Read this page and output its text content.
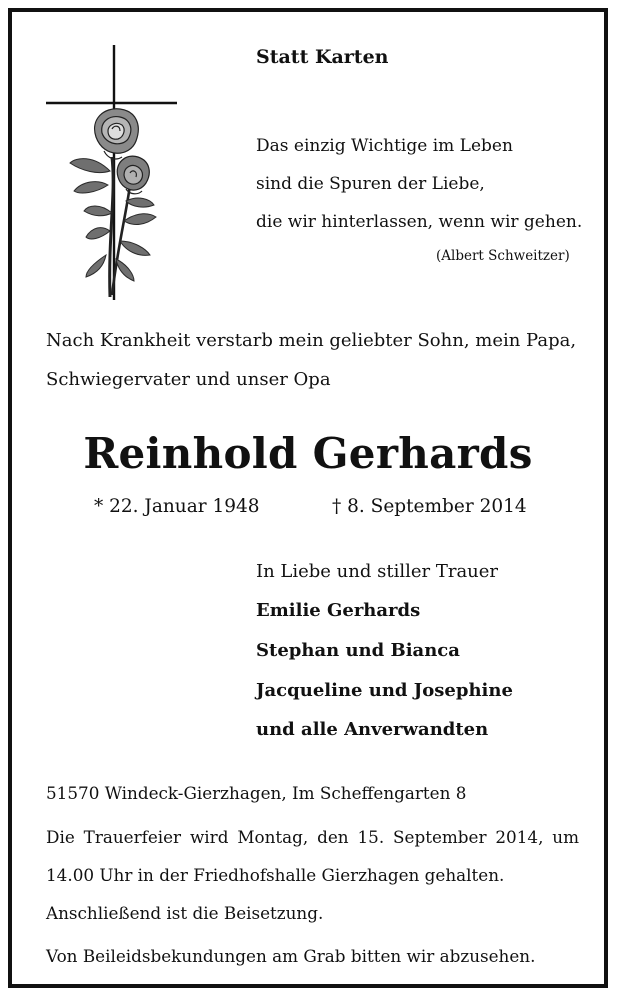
Statt Karten
Das einzig Wichtige im Leben
sind die Spuren der Liebe,
die wir hinterlassen, wenn wir gehen.
(Albert Schweitzer)
Nach Krankheit verstarb mein geliebter Sohn, mein Papa,
Schwiegervater und unser Opa
Reinhold Gerhards
* 22. Januar 1948	† 8. September 2014
In Liebe und stiller Trauer
Emilie Gerhards
Stephan und Bianca
Jacqueline und Josephine
und alle Anverwandten
51570 Windeck-Gierzhagen, Im Scheffengarten 8
Die Trauerfeier wird Montag, den 15. September 2014, um
14.00 Uhr in der Friedhofshalle Gierzhagen gehalten.
Anschließend ist die Beisetzung.
Von Beileidsbekundungen am Grab bitten wir abzusehen.
